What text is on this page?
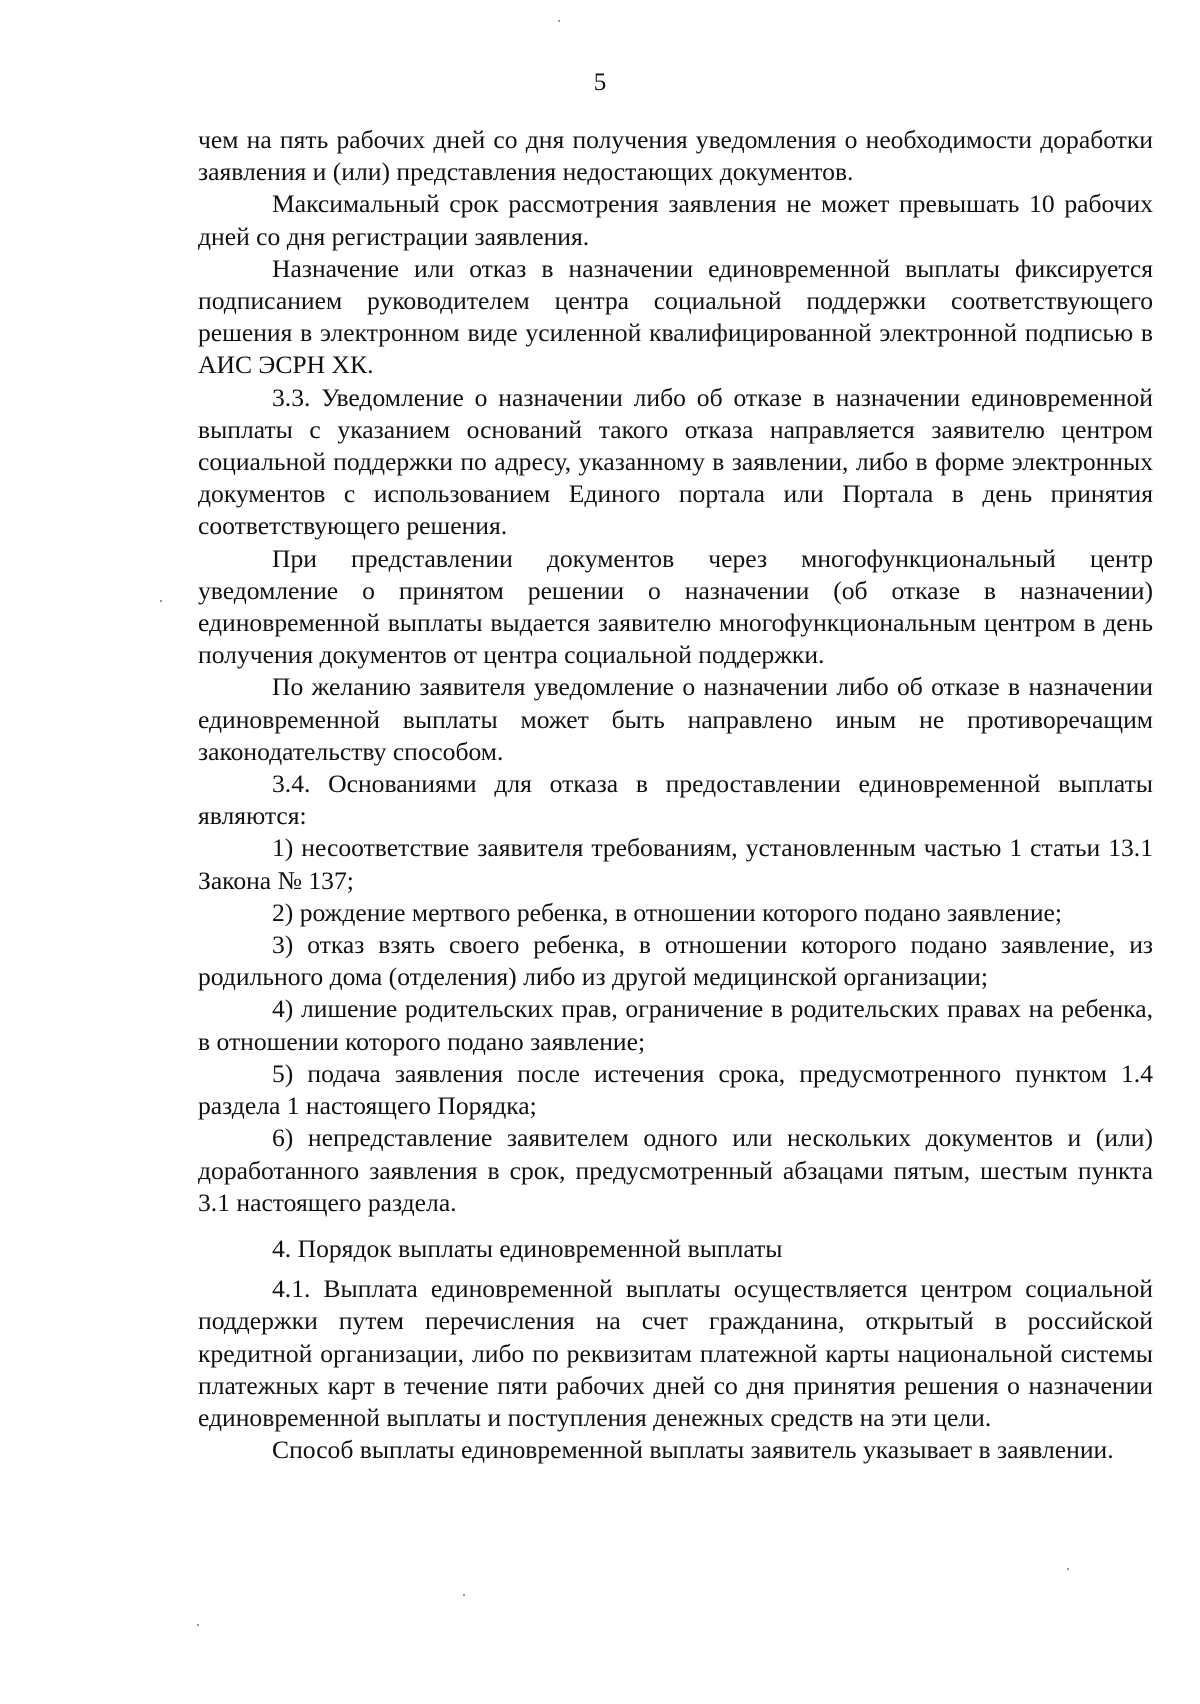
5

чем на пять рабочих дней со дня получения уведомления о необходимости доработки заявления и (или) представления недостающих документов.

Максимальный срок рассмотрения заявления не может превышать 10 рабочих дней со дня регистрации заявления.

Назначение или отказ в назначении единовременной выплаты фиксируется подписанием руководителем центра социальной поддержки соответствующего решения в электронном виде усиленной квалифицированной электронной подписью в АИС ЭСРН ХК.

3.3. Уведомление о назначении либо об отказе в назначении единовременной выплаты с указанием оснований такого отказа направляется заявителю центром социальной поддержки по адресу, указанному в заявлении, либо в форме электронных документов с использованием Единого портала или Портала в день принятия соответствующего решения.

При представлении документов через многофункциональный центр уведомление о принятом решении о назначении (об отказе в назначении) единовременной выплаты выдается заявителю многофункциональным центром в день получения документов от центра социальной поддержки.

По желанию заявителя уведомление о назначении либо об отказе в назначении единовременной выплаты может быть направлено иным не противоречащим законодательству способом.

3.4. Основаниями для отказа в предоставлении единовременной выплаты являются:

1) несоответствие заявителя требованиям, установленным частью 1 статьи 13.1 Закона № 137;

2) рождение мертвого ребенка, в отношении которого подано заявление;

3) отказ взять своего ребенка, в отношении которого подано заявление, из родильного дома (отделения) либо из другой медицинской организации;

4) лишение родительских прав, ограничение в родительских правах на ребенка, в отношении которого подано заявление;

5) подача заявления после истечения срока, предусмотренного пунктом 1.4 раздела 1 настоящего Порядка;

6) непредставление заявителем одного или нескольких документов и (или) доработанного заявления в срок, предусмотренный абзацами пятым, шестым пункта 3.1 настоящего раздела.

4. Порядок выплаты единовременной выплаты

4.1. Выплата единовременной выплаты осуществляется центром социальной поддержки путем перечисления на счет гражданина, открытый в российской кредитной организации, либо по реквизитам платежной карты национальной системы платежных карт в течение пяти рабочих дней со дня принятия решения о назначении единовременной выплаты и поступления денежных средств на эти цели.

Способ выплаты единовременной выплаты заявитель указывает в заявлении.
